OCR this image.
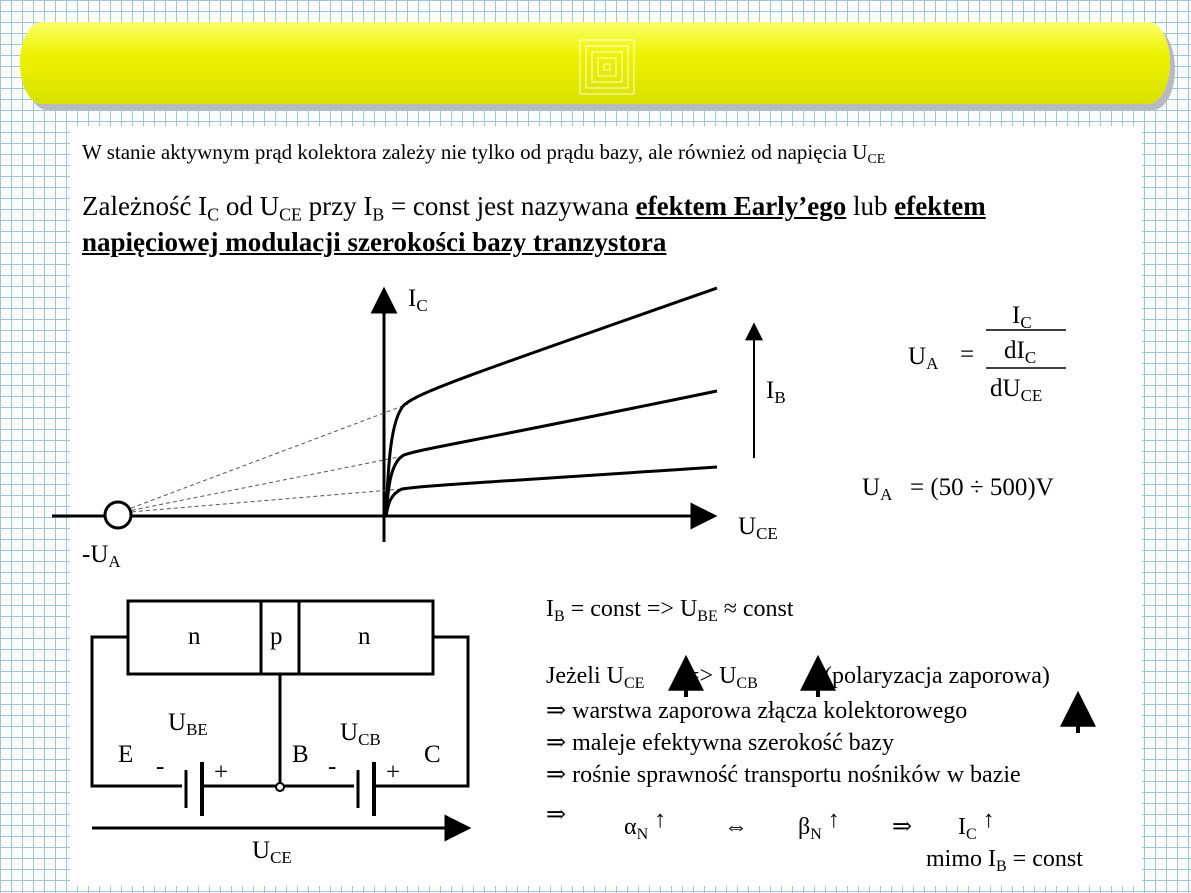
W stanie aktywnym prąd kolektora zależy nie tylko od prądu bazy, ale również od napięcia $U_{CE}$
Zależność $I_C$ od $U_{CE}$ przy $I_B$ = const jest nazywana efektem Early’ego lub efektem
napięciowej modulacji szerokości bazy tranzystora
$I_C$
$U_{CE}$
$-U_A$
$I_B$
$U_A$ =
$I_C$
$dI_C$
$dU_{CE}$
$U_A = (50 \div 500)V$
n	p	n
E	B	C
$U_{BE}$	$U_{CB}$
- +	- +
$U_{CE}$
$I_B$ = const => $U_{BE}$ ≈ const
Jeżeli $U_{CE} => U_{CB}$	(polaryzacja zaporowa)
⇒ warstwa zaporowa złącza kolektorowego
⇒ maleje efektywna szerokość bazy
⇒ rośnie sprawność transportu nośników w bazie
⇒ $\alpha_N↑$ ⇔ $\beta_N↑$ ⇒ $I_C↑$
mimo $I_B$ = const
